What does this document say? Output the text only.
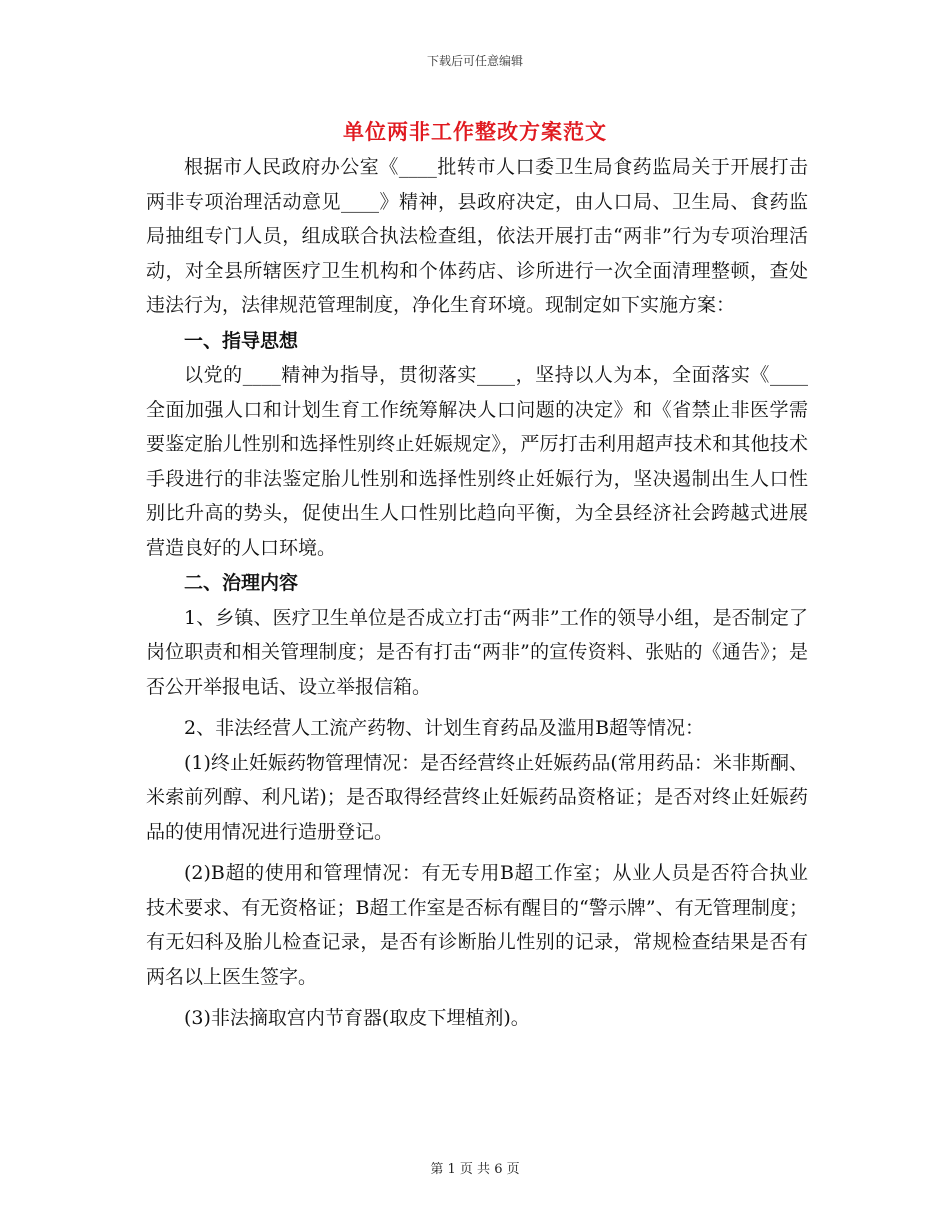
下载后可任意编辑
单位两非工作整改方案范文

根据市人民政府办公室《____批转市人口委卫生局食药监局关于开展打击两非专项治理活动意见____》精神，县政府决定，由人口局、卫生局、食药监局抽组专门人员，组成联合执法检查组，依法开展打击“两非”行为专项治理活动，对全县所辖医疗卫生机构和个体药店、诊所进行一次全面清理整顿，查处违法行为，法律规范管理制度，净化生育环境。现制定如下实施方案：

一、指导思想

以党的____精神为指导，贯彻落实____，坚持以人为本，全面落实《____全面加强人口和计划生育工作统筹解决人口问题的决定》和《省禁止非医学需要鉴定胎儿性别和选择性别终止妊娠规定》，严厉打击利用超声技术和其他技术手段进行的非法鉴定胎儿性别和选择性别终止妊娠行为，坚决遏制出生人口性别比升高的势头，促使出生人口性别比趋向平衡，为全县经济社会跨越式进展营造良好的人口环境。

二、治理内容

1、乡镇、医疗卫生单位是否成立打击“两非”工作的领导小组，是否制定了岗位职责和相关管理制度；是否有打击“两非”的宣传资料、张贴的《通告》；是否公开举报电话、设立举报信箱。

2、非法经营人工流产药物、计划生育药品及滥用B超等情况：

(1)终止妊娠药物管理情况：是否经营终止妊娠药品(常用药品：米非斯酮、米索前列醇、利凡诺)；是否取得经营终止妊娠药品资格证；是否对终止妊娠药品的使用情况进行造册登记。

(2)B超的使用和管理情况：有无专用B超工作室；从业人员是否符合执业技术要求、有无资格证；B超工作室是否标有醒目的“警示牌”、有无管理制度；有无妇科及胎儿检查记录，是否有诊断胎儿性别的记录，常规检查结果是否有两名以上医生签字。

(3)非法摘取宫内节育器(取皮下埋植剂)。

第 1 页 共 6 页
